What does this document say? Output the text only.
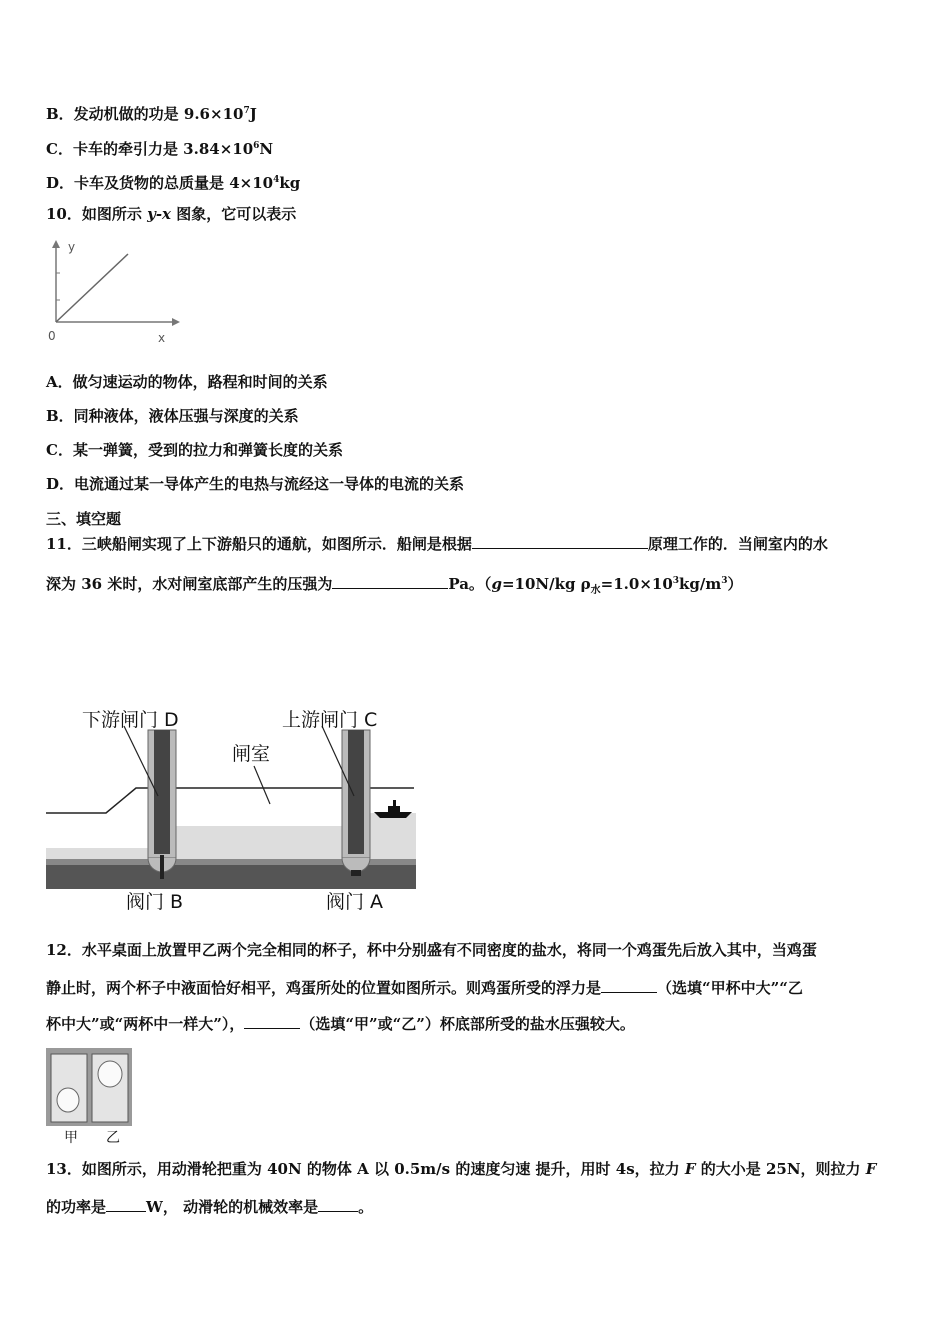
B．发动机做的功是 $9.6\times 10^7J$
C．卡车的牵引力是 $3.84\times 10^6N$
D．卡车及货物的总质量是 $4\times 10^4kg$
10．如图所示 y-x 图象，它可以表示
y
x
0
A．做匀速运动的物体，路程和时间的关系
B．同种液体，液体压强与深度的关系
C．某一弹簧，受到的拉力和弹簧长度的关系
D．电流通过某一导体产生的电热与流经这一导体的电流的关系
三、填空题
11．三峡船闸实现了上下游船只的通航，如图所示．船闸是根据	原理工作的．当闸室内的水
深为 36 米时，水对闸室底部产生的压强为	Pa。（g=10N/kg $\rho_水=1.0\times 10^3kg/m^3$）
下游闸门 D	上游闸门 C
闸室
阀门 B	阀门 A
12．水平桌面上放置甲乙两个完全相同的杯子，杯中分别盛有不同密度的盐水，将同一个鸡蛋先后放入其中，当鸡蛋
静止时，两个杯子中液面恰好相平，鸡蛋所处的位置如图所示。则鸡蛋所受的浮力是	（选填“甲杯中大”“乙
杯中大”或“两杯中一样大”），	（选填“甲”或“乙”）杯底部所受的盐水压强较大。
甲 乙
13．如图所示，用动滑轮把重为 40N 的物体 A 以 0.5m/s 的速度匀速 提升，用时 4s，拉力 F 的大小是 25N，则拉力 F
的功率是	W， 动滑轮的机械效率是	。
